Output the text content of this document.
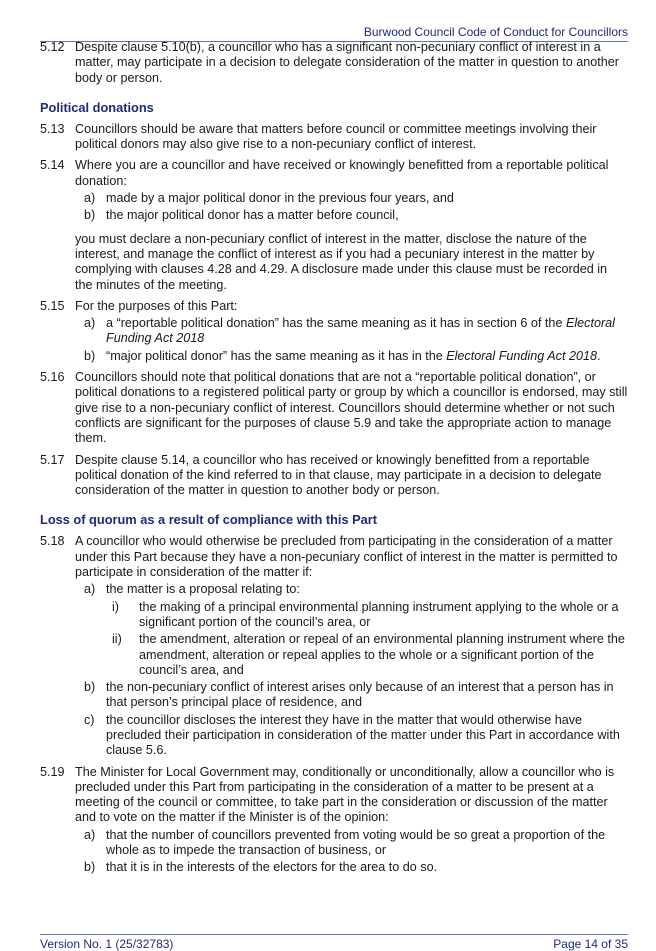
Burwood Council Code of Conduct for Councillors
5.12 Despite clause 5.10(b), a councillor who has a significant non-pecuniary conflict of interest in a matter, may participate in a decision to delegate consideration of the matter in question to another body or person.
Political donations
5.13 Councillors should be aware that matters before council or committee meetings involving their political donors may also give rise to a non-pecuniary conflict of interest.
5.14 Where you are a councillor and have received or knowingly benefitted from a reportable political donation:
a) made by a major political donor in the previous four years, and
b) the major political donor has a matter before council,
you must declare a non-pecuniary conflict of interest in the matter, disclose the nature of the interest, and manage the conflict of interest as if you had a pecuniary interest in the matter by complying with clauses 4.28 and 4.29. A disclosure made under this clause must be recorded in the minutes of the meeting.
5.15 For the purposes of this Part:
a) a “reportable political donation” has the same meaning as it has in section 6 of the Electoral Funding Act 2018
b) “major political donor” has the same meaning as it has in the Electoral Funding Act 2018.
5.16 Councillors should note that political donations that are not a “reportable political donation”, or political donations to a registered political party or group by which a councillor is endorsed, may still give rise to a non-pecuniary conflict of interest. Councillors should determine whether or not such conflicts are significant for the purposes of clause 5.9 and take the appropriate action to manage them.
5.17 Despite clause 5.14, a councillor who has received or knowingly benefitted from a reportable political donation of the kind referred to in that clause, may participate in a decision to delegate consideration of the matter in question to another body or person.
Loss of quorum as a result of compliance with this Part
5.18 A councillor who would otherwise be precluded from participating in the consideration of a matter under this Part because they have a non-pecuniary conflict of interest in the matter is permitted to participate in consideration of the matter if:
a) the matter is a proposal relating to:
i)	the making of a principal environmental planning instrument applying to the whole or a significant portion of the council’s area, or
ii)	the amendment, alteration or repeal of an environmental planning instrument where the amendment, alteration or repeal applies to the whole or a significant portion of the council’s area, and
b) the non-pecuniary conflict of interest arises only because of an interest that a person has in that person’s principal place of residence, and
c) the councillor discloses the interest they have in the matter that would otherwise have precluded their participation in consideration of the matter under this Part in accordance with clause 5.6.
5.19 The Minister for Local Government may, conditionally or unconditionally, allow a councillor who is precluded under this Part from participating in the consideration of a matter to be present at a meeting of the council or committee, to take part in the consideration or discussion of the matter and to vote on the matter if the Minister is of the opinion:
a) that the number of councillors prevented from voting would be so great a proportion of the whole as to impede the transaction of business, or
b) that it is in the interests of the electors for the area to do so.
Version No. 1 (25/32783)	Page 14 of 35
